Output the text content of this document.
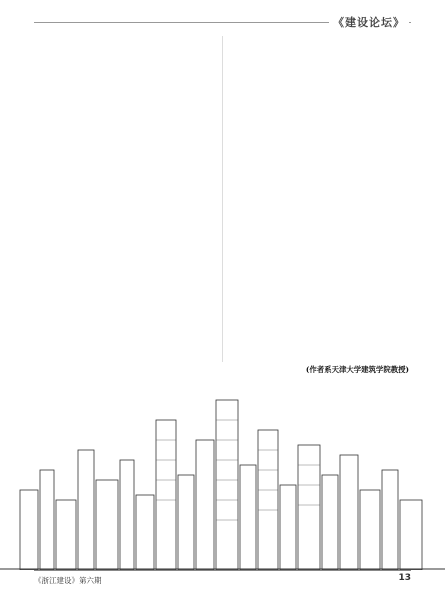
《建设论坛》
(作者系天津大学建筑学院教授)
《浙江建设》第六期	13
